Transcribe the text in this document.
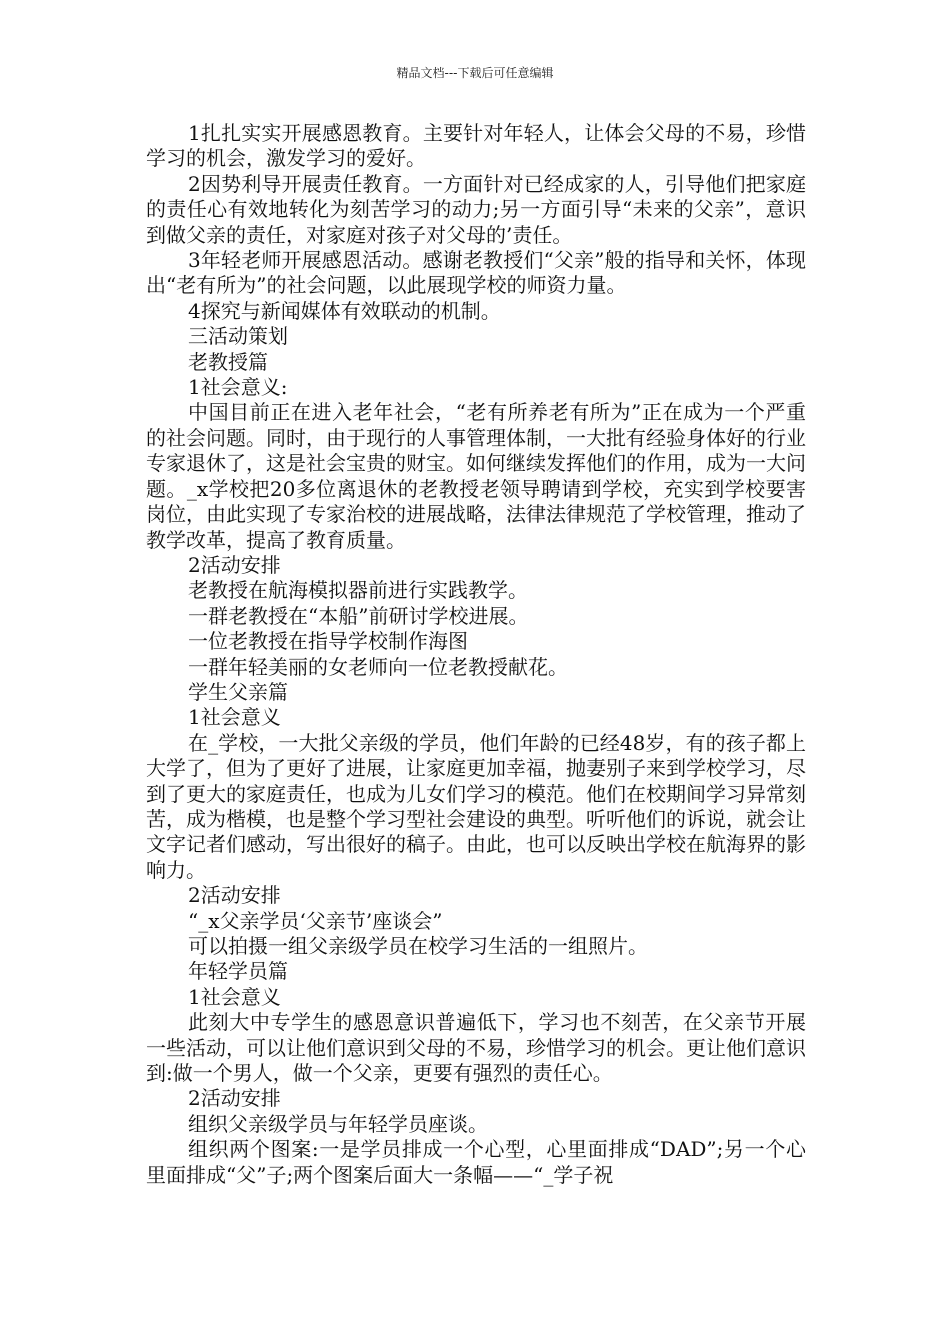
精品文档---下载后可任意编辑

1扎扎实实开展感恩教育。主要针对年轻人，让体会父母的不易，珍惜学习的机会，激发学习的爱好。

2因势利导开展责任教育。一方面针对已经成家的人，引导他们把家庭的责任心有效地转化为刻苦学习的动力;另一方面引导“未来的父亲”，意识到做父亲的责任，对家庭对孩子对父母的’责任。

3年轻老师开展感恩活动。感谢老教授们“父亲”般的指导和关怀，体现出“老有所为”的社会问题，以此展现学校的师资力量。

4探究与新闻媒体有效联动的机制。

三活动策划

老教授篇

1社会意义:

中国目前正在进入老年社会，“老有所养老有所为”正在成为一个严重的社会问题。同时，由于现行的人事管理体制，一大批有经验身体好的行业专家退休了，这是社会宝贵的财宝。如何继续发挥他们的作用，成为一大问题。_x学校把20多位离退休的老教授老领导聘请到学校，充实到学校要害岗位，由此实现了专家治校的进展战略，法律法律规范了学校管理，推动了教学改革，提高了教育质量。

2活动安排

老教授在航海模拟器前进行实践教学。

一群老教授在“本船”前研讨学校进展。

一位老教授在指导学校制作海图

一群年轻美丽的女老师向一位老教授献花。

学生父亲篇

1社会意义

在_学校，一大批父亲级的学员，他们年龄的已经48岁，有的孩子都上大学了，但为了更好了进展，让家庭更加幸福，抛妻别子来到学校学习，尽到了更大的家庭责任，也成为儿女们学习的模范。他们在校期间学习异常刻苦，成为楷模，也是整个学习型社会建设的典型。听听他们的诉说，就会让文字记者们感动，写出很好的稿子。由此，也可以反映出学校在航海界的影响力。

2活动安排

“_x父亲学员‘父亲节’座谈会”

可以拍摄一组父亲级学员在校学习生活的一组照片。

年轻学员篇

1社会意义

此刻大中专学生的感恩意识普遍低下，学习也不刻苦，在父亲节开展一些活动，可以让他们意识到父母的不易，珍惜学习的机会。更让他们意识到:做一个男人，做一个父亲，更要有强烈的责任心。

2活动安排

组织父亲级学员与年轻学员座谈。

组织两个图案:一是学员排成一个心型，心里面排成“DAD”;另一个心里面排成“父”子;两个图案后面大一条幅——“_学子祝
